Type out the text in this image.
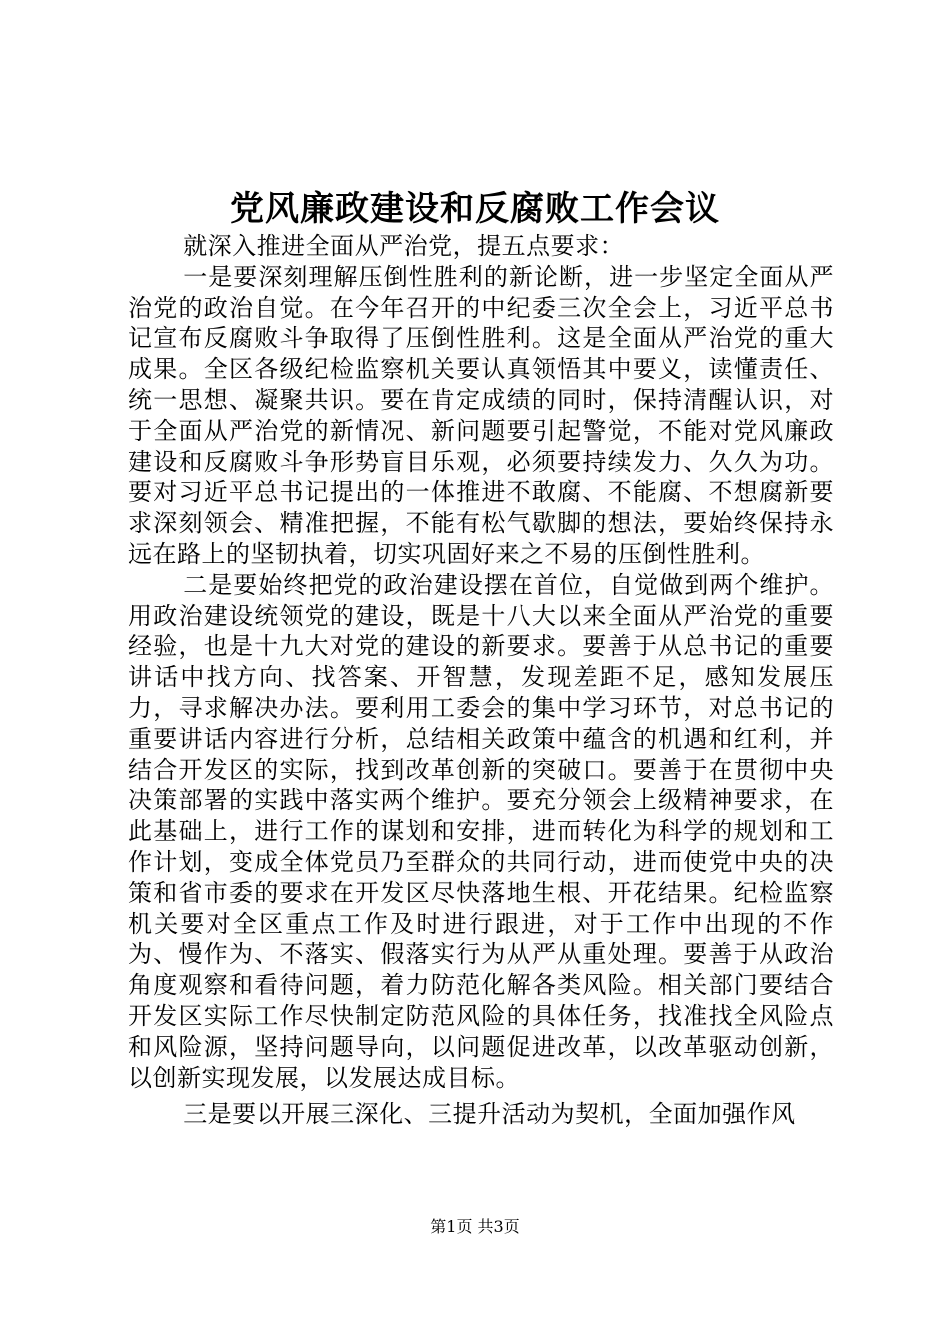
党风廉政建设和反腐败工作会议

就深入推进全面从严治党，提五点要求：

一是要深刻理解压倒性胜利的新论断，进一步坚定全面从严治党的政治自觉。在今年召开的中纪委三次全会上，习近平总书记宣布反腐败斗争取得了压倒性胜利。这是全面从严治党的重大成果。全区各级纪检监察机关要认真领悟其中要义，读懂责任、统一思想、凝聚共识。要在肯定成绩的同时，保持清醒认识，对于全面从严治党的新情况、新问题要引起警觉，不能对党风廉政建设和反腐败斗争形势盲目乐观，必须要持续发力、久久为功。要对习近平总书记提出的一体推进不敢腐、不能腐、不想腐新要求深刻领会、精准把握，不能有松气歇脚的想法，要始终保持永远在路上的坚韧执着，切实巩固好来之不易的压倒性胜利。

二是要始终把党的政治建设摆在首位，自觉做到两个维护。用政治建设统领党的建设，既是十八大以来全面从严治党的重要经验，也是十九大对党的建设的新要求。要善于从总书记的重要讲话中找方向、找答案、开智慧，发现差距不足，感知发展压力，寻求解决办法。要利用工委会的集中学习环节，对总书记的重要讲话内容进行分析，总结相关政策中蕴含的机遇和红利，并结合开发区的实际，找到改革创新的突破口。要善于在贯彻中央决策部署的实践中落实两个维护。要充分领会上级精神要求，在此基础上，进行工作的谋划和安排，进而转化为科学的规划和工作计划，变成全体党员乃至群众的共同行动，进而使党中央的决策和省市委的要求在开发区尽快落地生根、开花结果。纪检监察机关要对全区重点工作及时进行跟进，对于工作中出现的不作为、慢作为、不落实、假落实行为从严从重处理。要善于从政治角度观察和看待问题，着力防范化解各类风险。相关部门要结合开发区实际工作尽快制定防范风险的具体任务，找准找全风险点和风险源，坚持问题导向，以问题促进改革，以改革驱动创新，以创新实现发展，以发展达成目标。

三是要以开展三深化、三提升活动为契机，全面加强作风

第1页 共3页
